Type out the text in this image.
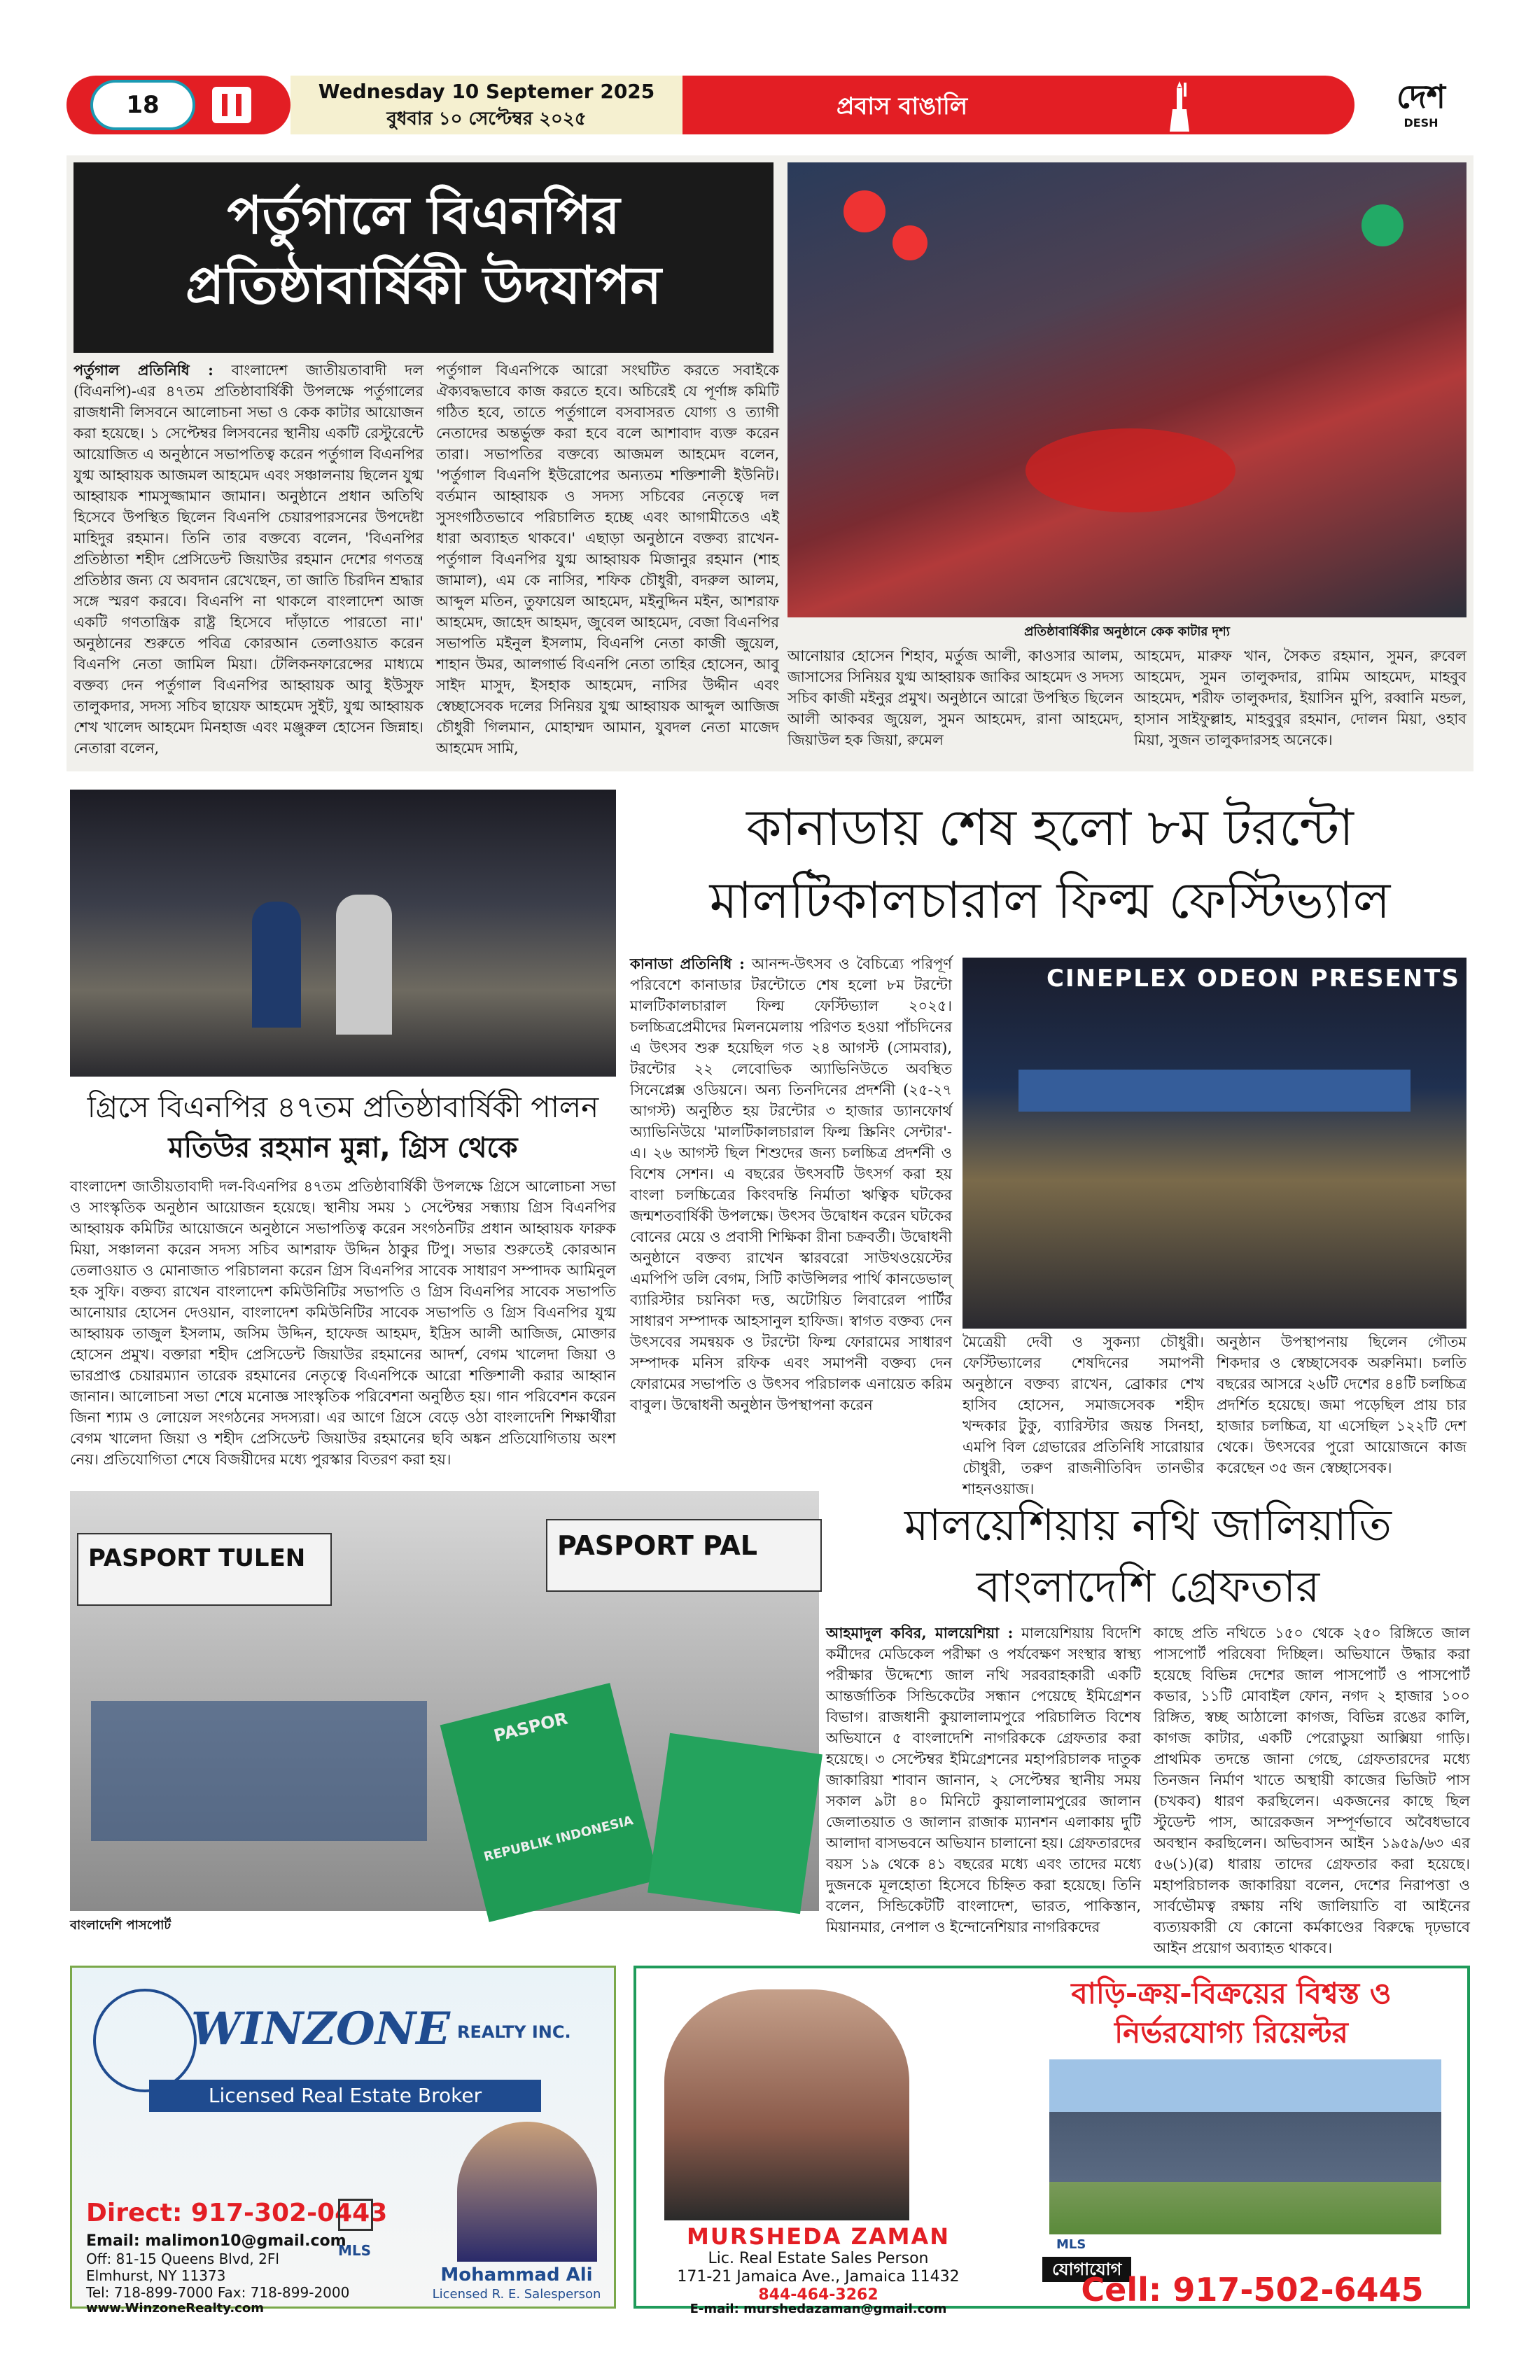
18	Wednesday 10 Septemer 2025
বুধবার ১০ সেপ্টেম্বর ২০২৫	প্রবাস বাঙালি	দেশ
DESH
পর্তুগালে বিএনপির
প্রতিষ্ঠাবার্ষিকী উদযাপন
পর্তুগাল প্রতিনিধি : বাংলাদেশ জাতীয়তাবাদী দল (বিএনপি)-এর ৪৭তম প্রতিষ্ঠাবার্ষিকী উপলক্ষে পর্তুগালের রাজধানী লিসবনে আলোচনা সভা ও কেক কাটার আয়োজন করা হয়েছে। ১ সেপ্টেম্বর লিসবনের স্থানীয় একটি রেস্টুরেন্টে আয়োজিত এ অনুষ্ঠানে সভাপতিত্ব করেন পর্তুগাল বিএনপির যুগ্ম আহ্বায়ক আজমল আহমেদ এবং সঞ্চালনায় ছিলেন যুগ্ম আহ্বায়ক শামসুজ্জামান জামান। অনুষ্ঠানে প্রধান অতিথি হিসেবে উপস্থিত ছিলেন বিএনপি চেয়ারপারসনের উপদেষ্টা মাহিদুর রহমান। তিনি তার বক্তব্যে বলেন, 'বিএনপির প্রতিষ্ঠাতা শহীদ প্রেসিডেন্ট জিয়াউর রহমান দেশের গণতন্ত্র প্রতিষ্ঠার জন্য যে অবদান রেখেছেন, তা জাতি চিরদিন শ্রদ্ধার সঙ্গে স্মরণ করবে। বিএনপি না থাকলে বাংলাদেশ আজ একটি গণতান্ত্রিক রাষ্ট্র হিসেবে দাঁড়াতে পারতো না।' অনুষ্ঠানের শুরুতে পবিত্র কোরআন তেলাওয়াত করেন বিএনপি নেতা জামিল মিয়া। টেলিকনফারেন্সের মাধ্যমে বক্তব্য দেন পর্তুগাল বিএনপির আহ্বায়ক আবু ইউসুফ তালুকদার, সদস্য সচিব ছায়েফ আহমেদ সুইট, যুগ্ম আহ্বায়ক শেখ খালেদ আহমেদ মিনহাজ এবং মঞ্জুরুল হোসেন জিন্নাহ। নেতারা বলেন,
পর্তুগাল বিএনপিকে আরো সংঘটিত করতে সবাইকে ঐক্যবদ্ধভাবে কাজ করতে হবে। অচিরেই যে পূর্ণাঙ্গ কমিটি গঠিত হবে, তাতে পর্তুগালে বসবাসরত যোগ্য ও ত্যাগী নেতাদের অন্তর্ভুক্ত করা হবে বলে আশাবাদ ব্যক্ত করেন তারা। সভাপতির বক্তব্যে আজমল আহমেদ বলেন, 'পর্তুগাল বিএনপি ইউরোপের অন্যতম শক্তিশালী ইউনিট। বর্তমান আহ্বায়ক ও সদস্য সচিবের নেতৃত্বে দল সুসংগঠিতভাবে পরিচালিত হচ্ছে এবং আগামীতেও এই ধারা অব্যাহত থাকবে।' এছাড়া অনুষ্ঠানে বক্তব্য রাখেন-পর্তুগাল বিএনপির যুগ্ম আহ্বায়ক মিজানুর রহমান (শাহ জামাল), এম কে নাসির, শফিক চৌধুরী, বদরুল আলম, আব্দুল মতিন, তুফায়েল আহমেদ, মইনুদ্দিন মইন, আশরাফ আহমেদ, জাহেদ আহমদ, জুবেল আহমেদ, বেজা বিএনপির সভাপতি মইনুল ইসলাম, বিএনপি নেতা কাজী জুয়েল, শাহান উমর, আলগার্ভ বিএনপি নেতা তাহির হোসেন, আবু সাইদ মাসুদ, ইসহাক আহমেদ, নাসির উদ্দীন এবং স্বেচ্ছাসেবক দলের সিনিয়র যুগ্ম আহ্বায়ক আব্দুল আজিজ চৌধুরী গিলমান, মোহাম্মদ আমান, যুবদল নেতা মাজেদ আহমেদ সামি,
প্রতিষ্ঠাবার্ষিকীর অনুষ্ঠানে কেক কাটার দৃশ্য
আনোয়ার হোসেন শিহাব, মর্তুজ আলী, কাওসার আলম, জাসাসের সিনিয়র যুগ্ম আহ্বায়ক জাকির আহমেদ ও সদস্য সচিব কাজী মইনুর প্রমুখ। অনুষ্ঠানে আরো উপস্থিত ছিলেন আলী আকবর জুয়েল, সুমন আহমেদ, রানা আহমেদ, জিয়াউল হক জিয়া, রুমেল
আহমেদ, মারুফ খান, সৈকত রহমান, সুমন, রুবেল আহমেদ, সুমন তালুকদার, রামিম আহমেদ, মাহবুব আহমেদ, শরীফ তালুকদার, ইয়াসিন মুপি, রব্বানি মন্ডল, হাসান সাইফুল্লাহ, মাহবুবুর রহমান, দোলন মিয়া, ওহাব মিয়া, সুজন তালুকদারসহ অনেকে।
গ্রিসে বিএনপির ৪৭তম প্রতিষ্ঠাবার্ষিকী পালন
মতিউর রহমান মুন্না, গ্রিস থেকে
বাংলাদেশ জাতীয়তাবাদী দল-বিএনপির ৪৭তম প্রতিষ্ঠাবার্ষিকী উপলক্ষে গ্রিসে আলোচনা সভা ও সাংস্কৃতিক অনুষ্ঠান আয়োজন হয়েছে। স্থানীয় সময় ১ সেপ্টেম্বর সন্ধ্যায় গ্রিস বিএনপির আহ্বায়ক কমিটির আয়োজনে অনুষ্ঠানে সভাপতিত্ব করেন সংগঠনটির প্রধান আহ্বায়ক ফারুক মিয়া, সঞ্চালনা করেন সদস্য সচিব আশরাফ উদ্দিন ঠাকুর টিপু। সভার শুরুতেই কোরআন তেলাওয়াত ও মোনাজাত পরিচালনা করেন গ্রিস বিএনপির সাবেক সাধারণ সম্পাদক আমিনুল হক সুফি। বক্তব্য রাখেন বাংলাদেশ কমিউনিটির সভাপতি ও গ্রিস বিএনপির সাবেক সভাপতি আনোয়ার হোসেন দেওয়ান, বাংলাদেশ কমিউনিটির সাবেক সভাপতি ও গ্রিস বিএনপির যুগ্ম আহ্বায়ক তাজুল ইসলাম, জসিম উদ্দিন, হাফেজ আহমদ, ইদ্রিস আলী আজিজ, মোক্তার হোসেন প্রমুখ। বক্তারা শহীদ প্রেসিডেন্ট জিয়াউর রহমানের আদর্শ, বেগম খালেদা জিয়া ও ভারপ্রাপ্ত চেয়ারম্যান তারেক রহমানের নেতৃত্বে বিএনপিকে আরো শক্তিশালী করার আহ্বান জানান। আলোচনা সভা শেষে মনোজ্ঞ সাংস্কৃতিক পরিবেশনা অনুষ্ঠিত হয়। গান পরিবেশন করেন জিনা শ্যাম ও লোয়েল সংগঠনের সদস্যরা। এর আগে গ্রিসে বেড়ে ওঠা বাংলাদেশি শিক্ষার্থীরা বেগম খালেদা জিয়া ও শহীদ প্রেসিডেন্ট জিয়াউর রহমানের ছবি অঙ্কন প্রতিযোগিতায় অংশ নেয়। প্রতিযোগিতা শেষে বিজয়ীদের মধ্যে পুরস্কার বিতরণ করা হয়।
কানাডায় শেষ হলো ৮ম টরন্টো
মালটিকালচারাল ফিল্ম ফেস্টিভ্যাল
কানাডা প্রতিনিধি : আনন্দ-উৎসব ও বৈচিত্র্যে পরিপূর্ণ পরিবেশে কানাডার টরন্টোতে শেষ হলো ৮ম টরন্টো মালটিকালচারাল ফিল্ম ফেস্টিভ্যাল ২০২৫। চলচ্চিত্রপ্রেমীদের মিলনমেলায় পরিণত হওয়া পাঁচদিনের এ উৎসব শুরু হয়েছিল গত ২৪ আগস্ট (সোমবার), টরন্টোর ২২ লেবোভিক অ্যাভিনিউতে অবস্থিত সিনেপ্লেক্স ওডিয়নে। অন্য তিনদিনের প্রদর্শনী (২৫-২৭ আগস্ট) অনুষ্ঠিত হয় টরন্টোর ৩ হাজার ড্যানফোর্থ অ্যাভিনিউয়ে 'মালটিকালচারাল ফিল্ম স্ক্রিনিং সেন্টার'-এ। ২৬ আগস্ট ছিল শিশুদের জন্য চলচ্চিত্র প্রদর্শনী ও বিশেষ সেশন। এ বছরের উৎসবটি উৎসর্গ করা হয় বাংলা চলচ্চিত্রের কিংবদন্তি নির্মাতা ঋত্বিক ঘটকের জন্মশতবার্ষিকী উপলক্ষে। উৎসব উদ্বোধন করেন ঘটকের বোনের মেয়ে ও প্রবাসী শিক্ষিকা রীনা চক্রবর্তী। উদ্বোধনী অনুষ্ঠানে বক্তব্য রাখেন স্কারবরো সাউথওয়েস্টের এমপিপি ডলি বেগম, সিটি কাউন্সিলর পার্থি কানডেভাল্ ব্যারিস্টার চয়নিকা দত্ত, অটোয়িত লিবারেল পার্টির সাধারণ সম্পাদক আহসানুল হাফিজ। স্বাগত বক্তব্য দেন উৎসবের সমন্বয়ক ও টরন্টো ফিল্ম ফোরামের সাধারণ সম্পাদক মনিস রফিক এবং সমাপনী বক্তব্য দেন ফোরামের সভাপতি ও উৎসব পরিচালক এনায়েত করিম বাবুল। উদ্বোধনী অনুষ্ঠান উপস্থাপনা করেন
CINEPLEX ODEON PRESENTS
মৈত্রেয়ী দেবী ও সুকন্যা চৌধুরী। ফেস্টিভ্যালের শেষদিনের সমাপনী অনুষ্ঠানে বক্তব্য রাখেন, ব্রোকার শেখ হাসিব হোসেন, সমাজসেবক শহীদ খন্দকার টুকু, ব্যারিস্টার জয়ন্ত সিনহা, এমপি বিল গ্রেভারের প্রতিনিধি সারোয়ার চৌধুরী, তরুণ রাজনীতিবিদ তানভীর শাহনওয়াজ।
অনুষ্ঠান উপস্থাপনায় ছিলেন গৌতম শিকদার ও স্বেচ্ছাসেবক অরুনিমা। চলতি বছরের আসরে ২৬টি দেশের ৪৪টি চলচ্চিত্র প্রদর্শিত হয়েছে। জমা পড়েছিল প্রায় চার হাজার চলচ্চিত্র, যা এসেছিল ১২২টি দেশ থেকে। উৎসবের পুরো আয়োজনে কাজ করেছেন ৩৫ জন স্বেচ্ছাসেবক।
PASPORT TULEN	PASPORT PAL
PASPOR
REPUBLIK INDONESIA
বাংলাদেশি পাসপোর্ট
মালয়েশিয়ায় নথি জালিয়াতি
বাংলাদেশি গ্রেফতার
আহমাদুল কবির, মালয়েশিয়া : মালয়েশিয়ায় বিদেশি কর্মীদের মেডিকেল পরীক্ষা ও পর্যবেক্ষণ সংস্থার স্বাস্থ্য পরীক্ষার উদ্দেশ্যে জাল নথি সরবরাহকারী একটি আন্তর্জাতিক সিন্ডিকেটের সন্ধান পেয়েছে ইমিগ্রেশন বিভাগ। রাজধানী কুয়ালালামপুরে পরিচালিত বিশেষ অভিযানে ৫ বাংলাদেশি নাগরিককে গ্রেফতার করা হয়েছে। ৩ সেপ্টেম্বর ইমিগ্রেশনের মহাপরিচালক দাতুক জাকারিয়া শাবান জানান, ২ সেপ্টেম্বর স্থানীয় সময় সকাল ৯টা ৪০ মিনিটে কুয়ালালামপুরের জালান জেলাতয়াত ও জালান রাজাক ম্যানশন এলাকায় দুটি আলাদা বাসভবনে অভিযান চালানো হয়। গ্রেফতারদের বয়স ১৯ থেকে ৪১ বছরের মধ্যে এবং তাদের মধ্যে দুজনকে মূলহোতা হিসেবে চিহ্নিত করা হয়েছে। তিনি বলেন, সিন্ডিকেটটি বাংলাদেশ, ভারত, পাকিস্তান, মিয়ানমার, নেপাল ও ইন্দোনেশিয়ার নাগরিকদের
কাছে প্রতি নথিতে ১৫০ থেকে ২৫০ রিঙ্গিতে জাল পাসপোর্ট পরিষেবা দিচ্ছিল। অভিযানে উদ্ধার করা হয়েছে বিভিন্ন দেশের জাল পাসপোর্ট ও পাসপোর্ট কভার, ১১টি মোবাইল ফোন, নগদ ২ হাজার ১০০ রিঙ্গিত, স্বচ্ছ আঠালো কাগজ, বিভিন্ন রঙের কালি, কাগজ কাটার, একটি পেরোডুয়া আক্সিয়া গাড়ি। প্রাথমিক তদন্তে জানা গেছে, গ্রেফতারদের মধ্যে তিনজন নির্মাণ খাতে অস্থায়ী কাজের ভিজিট পাস (চখকব) ধারণ করছিলেন। একজনের কাছে ছিল স্টুডেন্ট পাস, আরেকজন সম্পূর্ণভাবে অবৈধভাবে অবস্থান করছিলেন। অভিবাসন আইন ১৯৫৯/৬৩ এর ৫৬(১)(ৱ) ধারায় তাদের গ্রেফতার করা হয়েছে। মহাপরিচালক জাকারিয়া বলেন, দেশের নিরাপত্তা ও সার্বভৌমত্ব রক্ষায় নথি জালিয়াতি বা আইনের ব্যত্যয়কারী যে কোনো কর্মকাণ্ডের বিরুদ্ধে দৃঢ়ভাবে আইন প্রয়োগ অব্যাহত থাকবে।
WINZONE REALTY INC.
Licensed Real Estate Broker
Direct: 917-302-0443
Email: malimon10@gmail.com
Off: 81-15 Queens Blvd, 2Fl
Elmhurst, NY 11373
Tel: 718-899-7000 Fax: 718-899-2000
www.WinzoneRealty.com
MLS
Mohammad Ali
Licensed R. E. Salesperson
বাড়ি-ক্রয়-বিক্রয়ের বিশ্বস্ত ও
নির্ভরযোগ্য রিয়েল্টর
MURSHEDA ZAMAN
Lic. Real Estate Sales Person
171-21 Jamaica Ave., Jamaica 11432
844-464-3262
E-mail: murshedazaman@gmail.com
MLS
যোগাযোগ
Cell: 917-502-6445
